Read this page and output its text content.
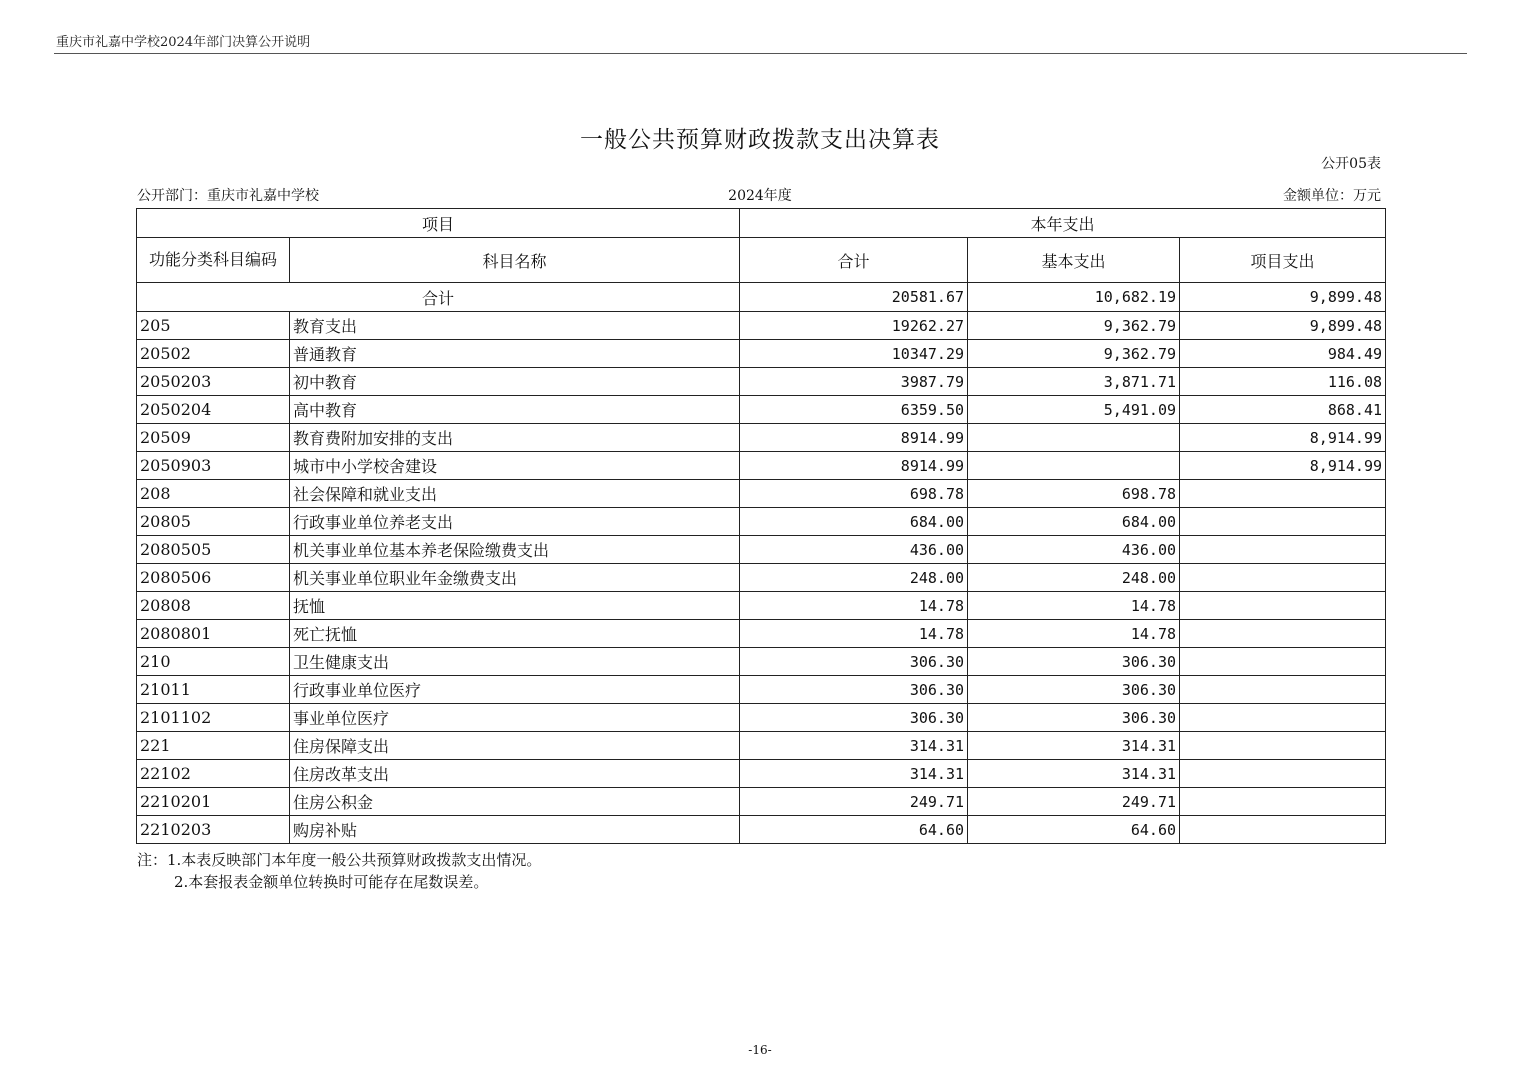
重庆市礼嘉中学校2024年部门决算公开说明
一般公共预算财政拨款支出决算表
公开05表
公开部门：重庆市礼嘉中学校	2024年度	金额单位：万元
项目		本年支出		
功能分类科目编码	科目名称	合计	基本支出	项目支出
合计		20581.67	10,682.19	9,899.48
205	教育支出	19262.27	9,362.79	9,899.48
20502	普通教育	10347.29	9,362.79	984.49
2050203	初中教育	3987.79	3,871.71	116.08
2050204	高中教育	6359.50	5,491.09	868.41
20509	教育费附加安排的支出	8914.99		8,914.99
2050903	城市中小学校舍建设	8914.99		8,914.99
208	社会保障和就业支出	698.78	698.78	
20805	行政事业单位养老支出	684.00	684.00	
2080505	机关事业单位基本养老保险缴费支出	436.00	436.00	
2080506	机关事业单位职业年金缴费支出	248.00	248.00	
20808	抚恤	14.78	14.78	
2080801	死亡抚恤	14.78	14.78	
210	卫生健康支出	306.30	306.30	
21011	行政事业单位医疗	306.30	306.30	
2101102	事业单位医疗	306.30	306.30	
221	住房保障支出	314.31	314.31	
22102	住房改革支出	314.31	314.31	
2210201	住房公积金	249.71	249.71	
2210203	购房补贴	64.60	64.60	
注：1.本表反映部门本年度一般公共预算财政拨款支出情况。
2.本套报表金额单位转换时可能存在尾数误差。
-16-
